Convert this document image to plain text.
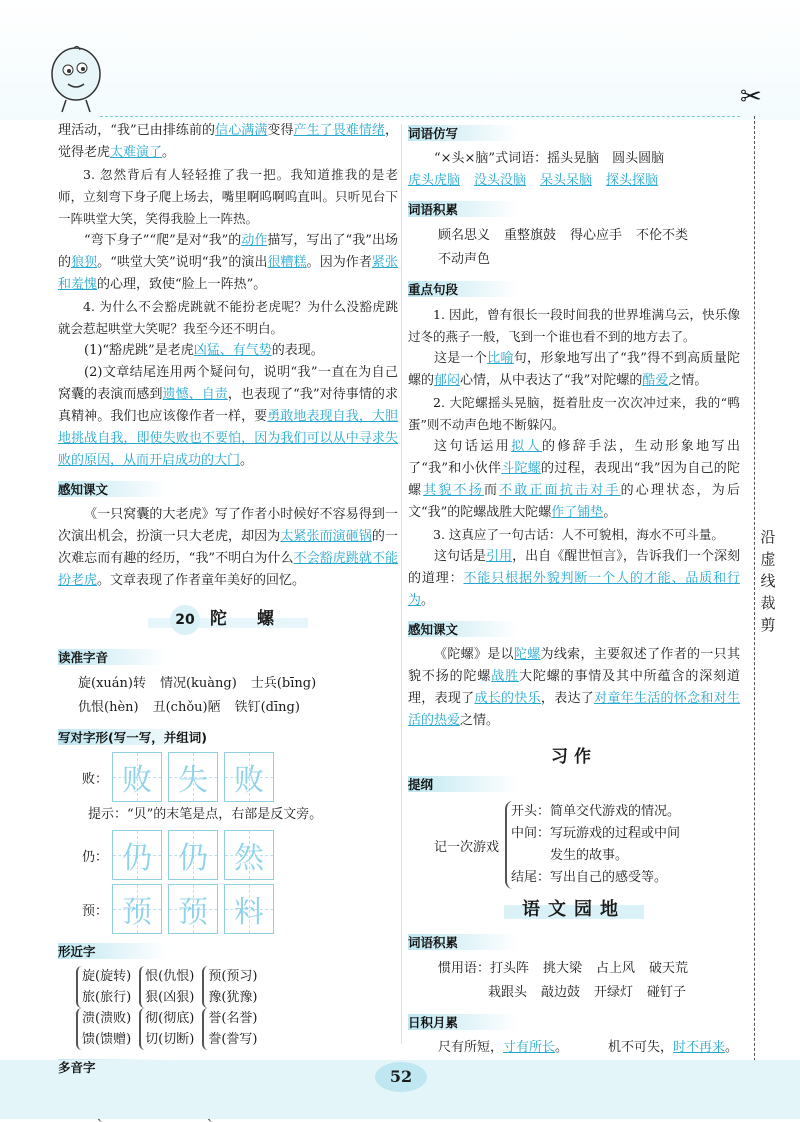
✂
沿
虚
线
裁
剪

理活动，“我”已由排练前的信心满满变得产生了畏难情绪，觉得老虎太难演了。

3. 忽然背后有人轻轻推了我一把。我知道推我的是老师，立刻弯下身子爬上场去，嘴里啊呜啊呜直叫。只听见台下一阵哄堂大笑，笑得我脸上一阵热。

“弯下身子”“爬”是对“我”的动作描写，写出了“我”出场的狼狈。“哄堂大笑”说明“我”的演出很糟糕。因为作者紧张和羞愧的心理，致使“脸上一阵热”。

4. 为什么不会豁虎跳就不能扮老虎呢？为什么没豁虎跳就会惹起哄堂大笑呢？我至今还不明白。

(1)“豁虎跳”是老虎凶猛、有气势的表现。

(2)文章结尾连用两个疑问句，说明“我”一直在为自己窝囊的表演而感到遗憾、自责，也表现了“我”对待事情的求真精神。我们也应该像作者一样，要勇敢地表现自我，大胆地挑战自我，即使失败也不要怕，因为我们可以从中寻求失败的原因，从而开启成功的大门。

感知课文

《一只窝囊的大老虎》写了作者小时候好不容易得到一次演出机会，扮演一只大老虎，却因为太紧张而演砸锅的一次难忘而有趣的经历，“我”不明白为什么不会豁虎跳就不能扮老虎。文章表现了作者童年美好的回忆。

20 陀 螺
读准字音
旋(xuán)转 情况(kuàng) 士兵(bīng)
仇恨(hèn) 丑(chǒu)陋 铁钉(dīng)
写对字形(写一写，并组词)
败： 败 失 败

提示：“贝”的末笔是点，右部是反文旁。

仍： 仍 仍 然
预： 预 预 料
形近字
旋(旋转)
旅(旅行)
溃(溃败)
馈(馈赠)
恨(仇恨)
狠(凶狠)
彻(彻底)
切(切断)
预(预习)
豫(犹豫)
誉(名誉)
誊(誊写)
多音字
词语仿写

“×头×脑”式词语：摇头晃脑　圆头圆脑

虎头虎脑 没头没脑 呆头呆脑 探头探脑
词语积累
顾名思义 重整旗鼓 得心应手 不伦不类
不动声色
重点句段

1. 因此，曾有很长一段时间我的世界堆满乌云，快乐像过冬的燕子一般，飞到一个谁也看不到的地方去了。

这是一个比喻句，形象地写出了“我”得不到高质量陀螺的郁闷心情，从中表达了“我”对陀螺的酷爱之情。

2. 大陀螺摇头晃脑，挺着肚皮一次次冲过来，我的“鸭蛋”则不动声色地不断躲闪。

这句话运用拟人的修辞手法，生动形象地写出了“我”和小伙伴斗陀螺的过程，表现出“我”因为自己的陀螺其貌不扬而不敢正面抗击对手的心理状态，为后文“我”的陀螺战胜大陀螺作了铺垫。

3. 这真应了一句古话：人不可貌相，海水不可斗量。

这句话是引用，出自《醒世恒言》，告诉我们一个深刻的道理：不能只根据外貌判断一个人的才能、品质和行为。

感知课文

《陀螺》是以陀螺为线索，主要叙述了作者的一只其貌不扬的陀螺战胜大陀螺的事情及其中所蕴含的深刻道理，表现了成长的快乐，表达了对童年生活的怀念和对生活的热爱之情。

习作
提纲
记一次游戏

开头：简单交代游戏的情况。

中间：写玩游戏的过程或中间

发生的故事。

结尾：写出自己的感受等。

语文园地
词语积累
惯用语：打头阵 挑大梁 占上风 破天荒
栽跟头 敲边鼓 开绿灯 碰钉子
日积月累
尺有所短，寸有所长。	机不可失，时不再来。
52
